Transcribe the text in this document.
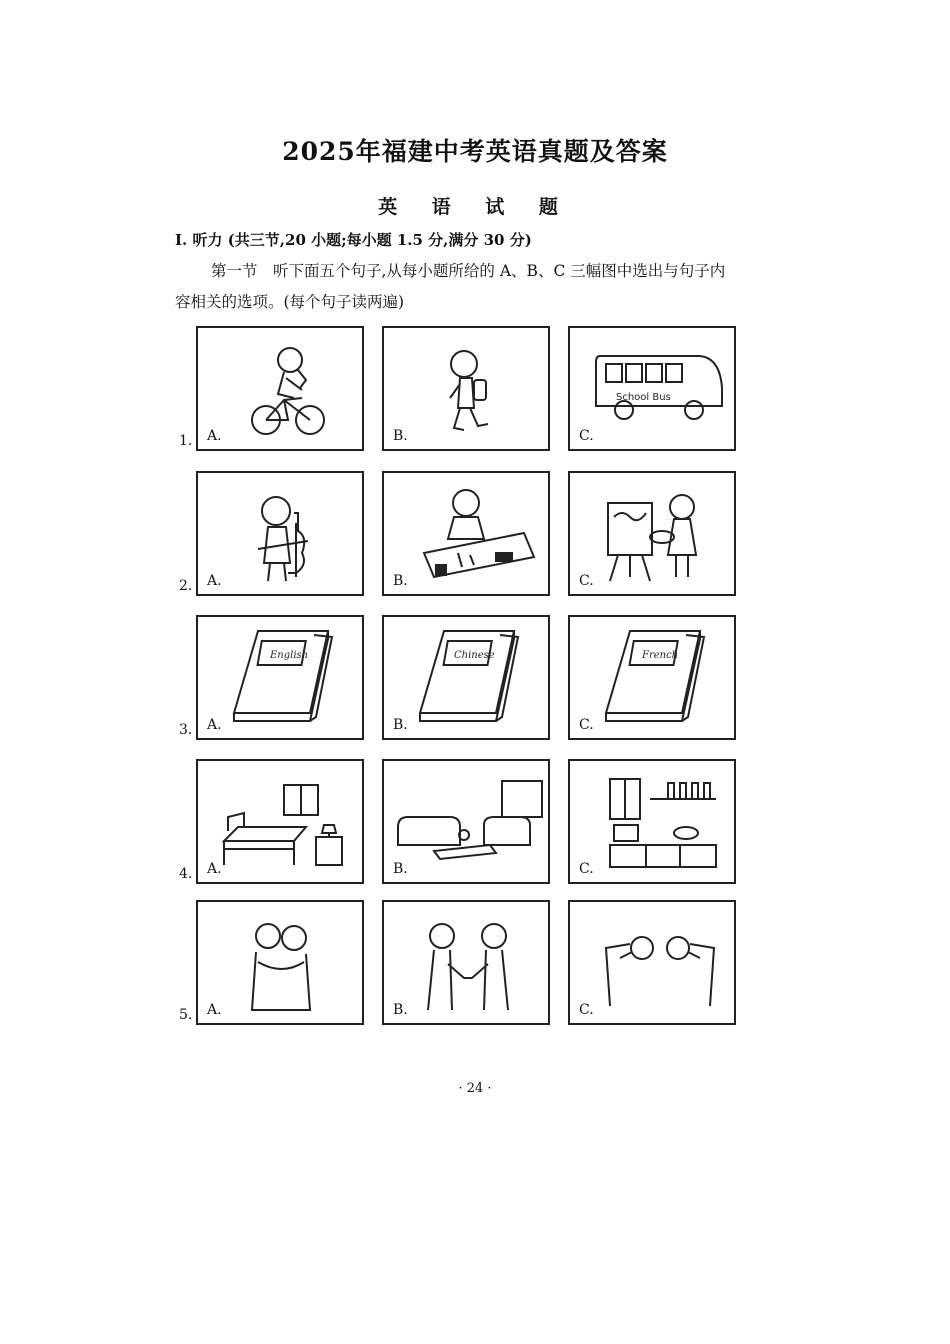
2025年福建中考英语真题及答案
英 语 试 题
Ⅰ. 听力 (共三节,20 小题;每小题 1.5 分,满分 30 分)
第一节　听下面五个句子,从每小题所给的 A、B、C 三幅图中选出与句子内
容相关的选项。(每个句子读两遍)
1. A.	B.
School Bus
C.
2. A.	B.	C.
3.
English
A.
Chinese
B.
French
C.
4. A.	B.	C.
5. A.	B.	C.
· 24 ·
